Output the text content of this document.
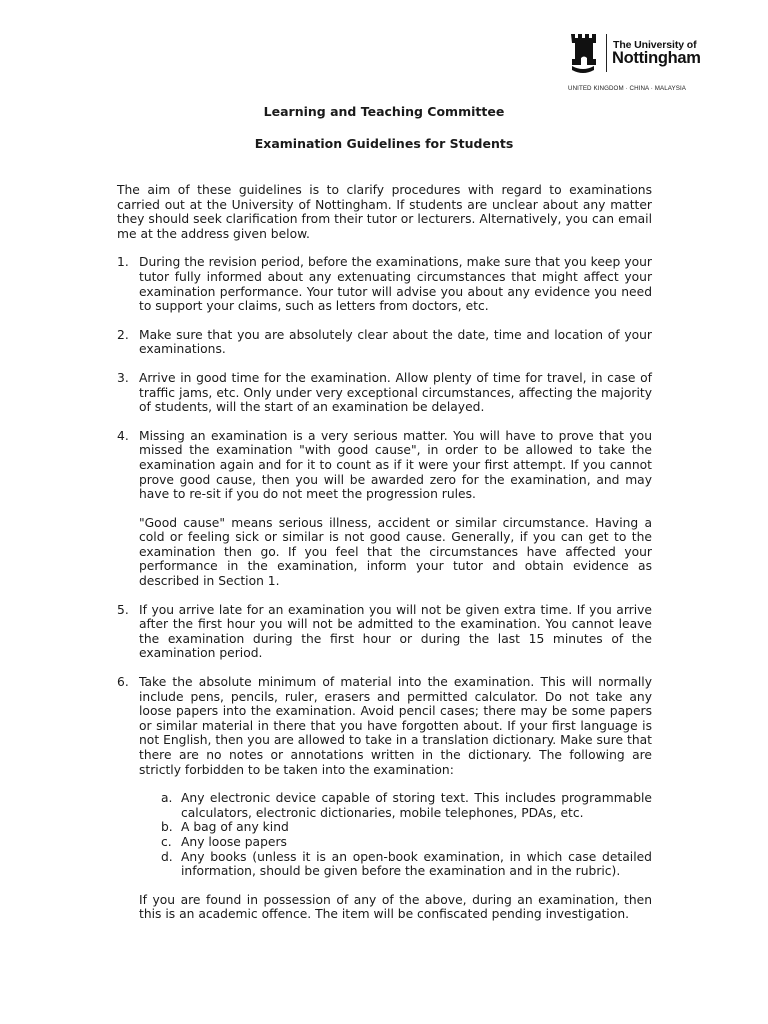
The University of
Nottingham
UNITED KINGDOM · CHINA · MALAYSIA
Learning and Teaching Committee
Examination Guidelines for Students

The aim of these guidelines is to clarify procedures with regard to examinations carried out at the University of Nottingham. If students are unclear about any matter they should seek clarification from their tutor or lecturers. Alternatively, you can email me at the address given below.

1. During the revision period, before the examinations, make sure that you keep your tutor fully informed about any extenuating circumstances that might affect your examination performance. Your tutor will advise you about any evidence you need to support your claims, such as letters from doctors, etc.

2. Make sure that you are absolutely clear about the date, time and location of your examinations.

3. Arrive in good time for the examination. Allow plenty of time for travel, in case of traffic jams, etc. Only under very exceptional circumstances, affecting the majority of students, will the start of an examination be delayed.

4. Missing an examination is a very serious matter. You will have to prove that you missed the examination "with good cause", in order to be allowed to take the examination again and for it to count as if it were your first attempt. If you cannot prove good cause, then you will be awarded zero for the examination, and may have to re-sit if you do not meet the progression rules.

"Good cause" means serious illness, accident or similar circumstance. Having a cold or feeling sick or similar is not good cause. Generally, if you can get to the examination then go. If you feel that the circumstances have affected your performance in the examination, inform your tutor and obtain evidence as described in Section 1.

5. If you arrive late for an examination you will not be given extra time. If you arrive after the first hour you will not be admitted to the examination. You cannot leave the examination during the first hour or during the last 15 minutes of the examination period.

6. Take the absolute minimum of material into the examination. This will normally include pens, pencils, ruler, erasers and permitted calculator. Do not take any loose papers into the examination. Avoid pencil cases; there may be some papers or similar material in there that you have forgotten about. If your first language is not English, then you are allowed to take in a translation dictionary. Make sure that there are no notes or annotations written in the dictionary. The following are strictly forbidden to be taken into the examination:

a. Any electronic device capable of storing text. This includes programmable calculators, electronic dictionaries, mobile telephones, PDAs, etc.
b. A bag of any kind
c. Any loose papers
d. Any books (unless it is an open-book examination, in which case detailed information, should be given before the examination and in the rubric).

If you are found in possession of any of the above, during an examination, then this is an academic offence. The item will be confiscated pending investigation.
